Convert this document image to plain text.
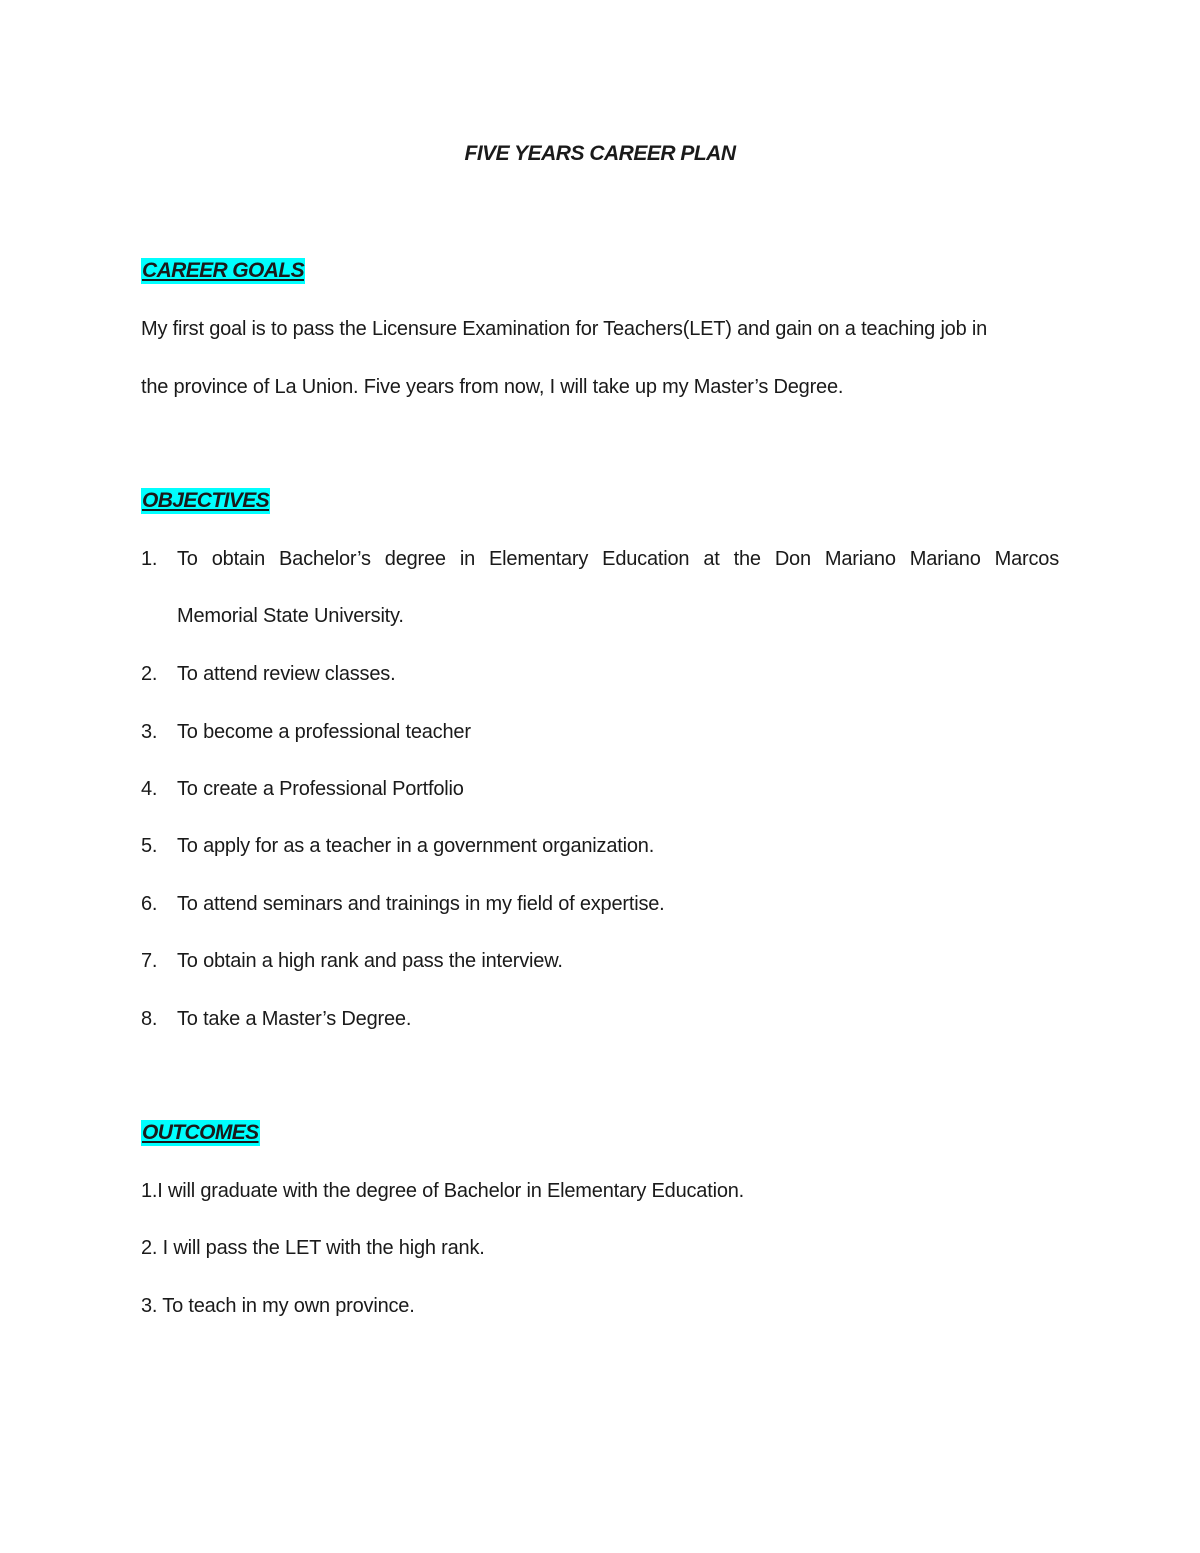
FIVE YEARS CAREER PLAN
CAREER GOALS

My first goal is to pass the Licensure Examination for Teachers(LET) and gain on a teaching job in

the province of La Union. Five years from now, I will take up my Master’s Degree.

OBJECTIVES
1. To obtain Bachelor’s degree in Elementary Education at the Don Mariano Mariano Marcos
Memorial State University.
2. To attend review classes.
3. To become a professional teacher
4. To create a Professional Portfolio
5. To apply for as a teacher in a government organization.
6. To attend seminars and trainings in my field of expertise.
7. To obtain a high rank and pass the interview.
8. To take a Master’s Degree.
OUTCOMES

1.I will graduate with the degree of Bachelor in Elementary Education.

2. I will pass the LET with the high rank.

3. To teach in my own province.
